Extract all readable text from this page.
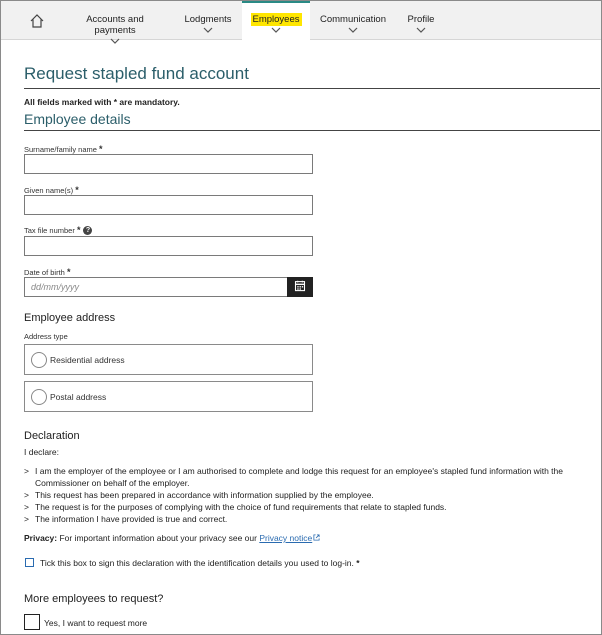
Accounts and payments
Lodgments	Employees	Communication	Profile
Request stapled fund account
All fields marked with * are mandatory.
Employee details
Surname/family name *
Given name(s) *
Tax file number * ?
Date of birth *
dd/mm/yyyy
Employee address
Address type
Residential address
Postal address
Declaration
I declare:
> I am the employer of the employee or I am authorised to complete and lodge this request for an employee's stapled fund information with the Commissioner on behalf of the employer.
> This request has been prepared in accordance with information supplied by the employee.
> The request is for the purposes of complying with the choice of fund requirements that relate to stapled funds.
> The information I have provided is true and correct.
Privacy: For important information about your privacy see our Privacy notice
Tick this box to sign this declaration with the identification details you used to log-in. *
More employees to request?
Yes, I want to request more
